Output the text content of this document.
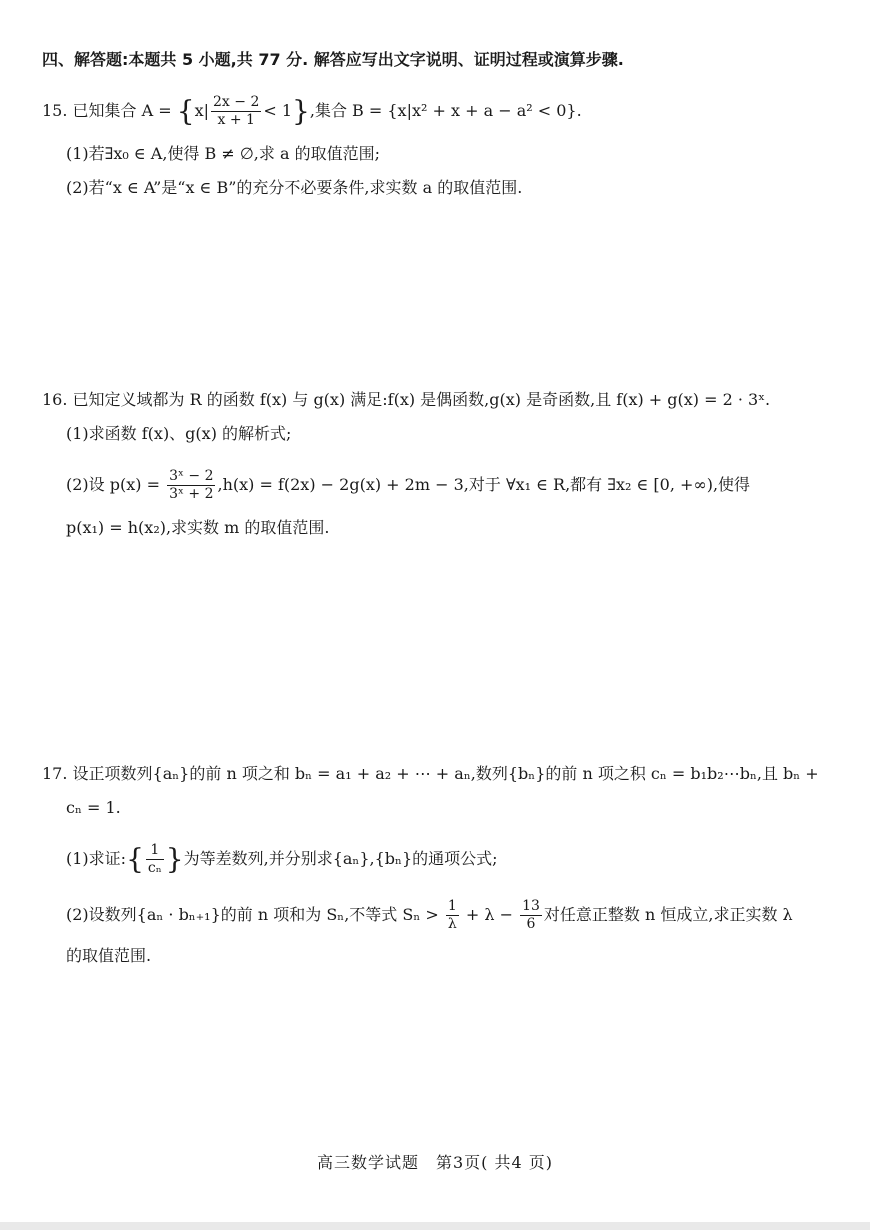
四、解答题:本题共 5 小题,共 77 分. 解答应写出文字说明、证明过程或演算步骤.
15. 已知集合 $A = \{x| \frac{2x - 2}{x + 1} < 1\}$,集合 B = {x|x² + x + a − a² < 0}.
(1)若∃x₀ ∈ A,使得 B ≠ ∅,求 a 的取值范围;
(2)若“x ∈ A”是“x ∈ B”的充分不必要条件,求实数 a 的取值范围.
16. 已知定义域都为 R 的函数 f(x) 与 g(x) 满足:f(x) 是偶函数,g(x) 是奇函数,且 f(x) + g(x) = 2 · 3ˣ.
(1)求函数 f(x)、g(x) 的解析式;
(2)设 $p(x) = \frac{\text{3ˣ − 2}}{\text{3ˣ + 2}} ,h(x) = f(2x) - 2g(x) + 2m - 3$,对于 ∀x₁ ∈ R,都有 ∃x₂ ∈ [0, +∞),使得
p(x₁) = h(x₂),求实数 m 的取值范围.
17. 设正项数列{aₙ}的前 n 项之和 bₙ = a₁ + a₂ + ⋯ + aₙ,数列{bₙ}的前 n 项之积 cₙ = b₁b₂⋯bₙ,且 bₙ +
cₙ = 1.
(1)求证:{ $\frac{1}{\text{cₙ}}$ }为等差数列,并分别求{aₙ},{bₙ}的通项公式;
(2)设数列{aₙ · bₙ₊₁}的前 n 项和为 Sₙ,不等式 $S_n > \frac{1}{\lambda} + \lambda - \frac{13}{6}$ 对任意正整数 n 恒成立,求正实数 λ
的取值范围.
高三数学试题　第3页( 共4 页)
